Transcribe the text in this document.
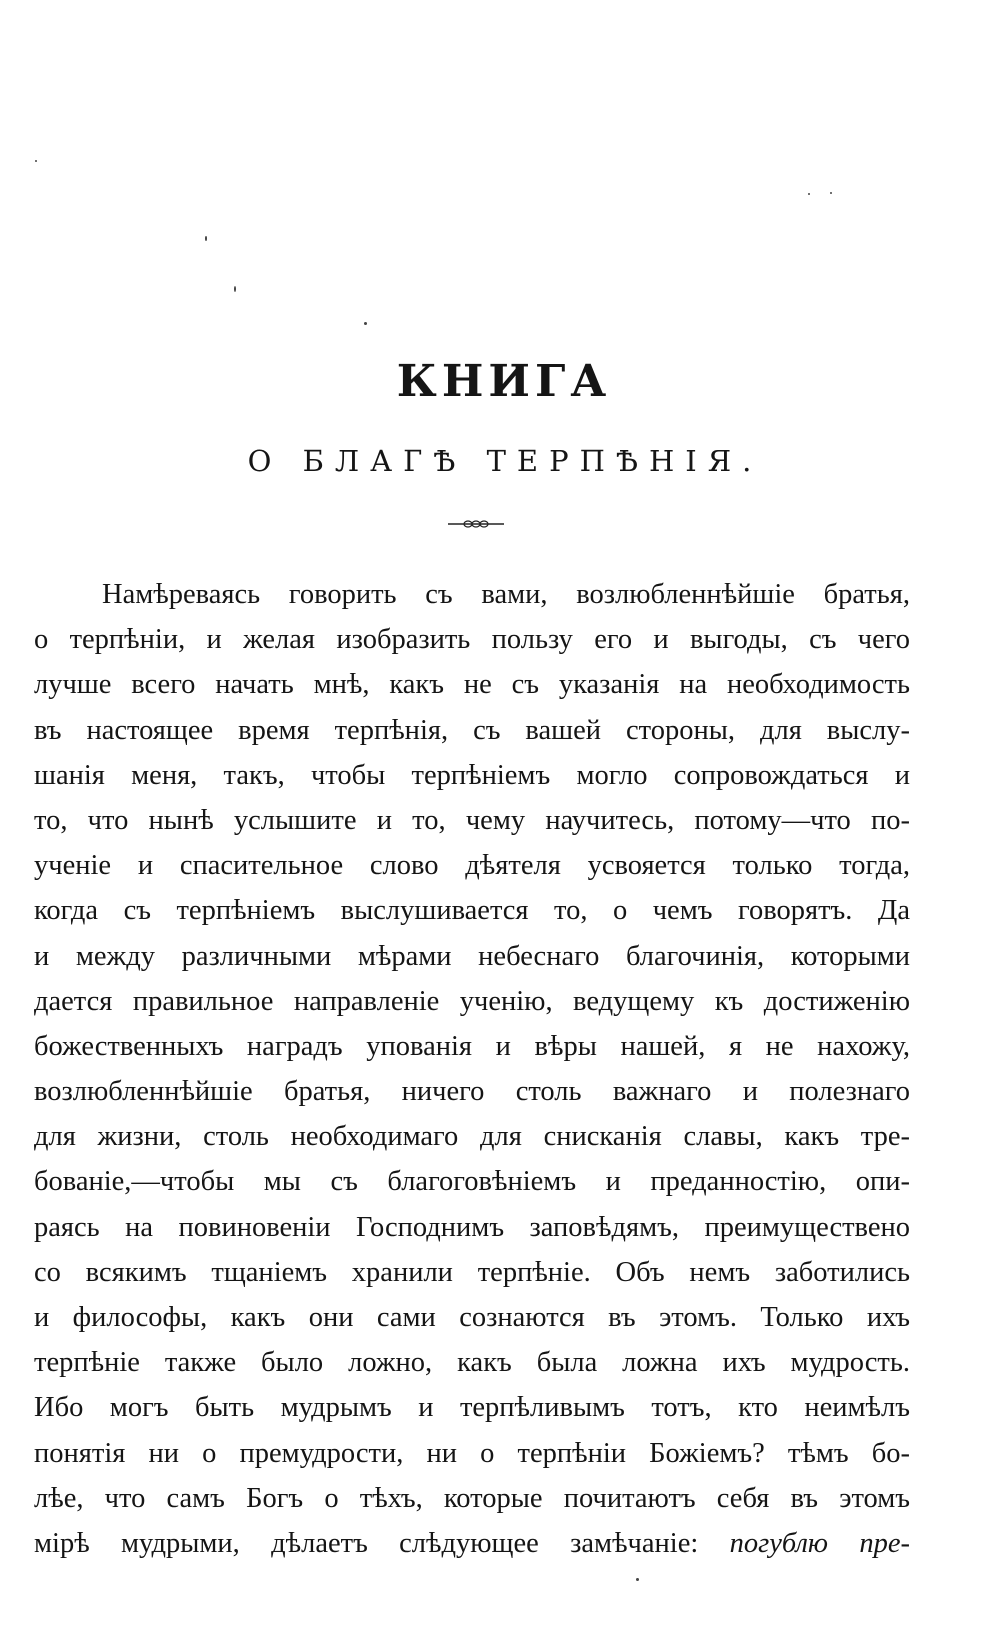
КНИГА
О БЛАГѢ ТЕРПѢНІЯ.
Намѣреваясь говорить съ вами, возлюбленнѣйшіе братья,
о терпѣніи, и желая изобразить пользу его и выгоды, съ чего
лучше всего начать мнѣ, какъ не съ указанія на необходимость
въ настоящее время терпѣнія, съ вашей стороны, для выслу-
шанія меня, такъ, чтобы терпѣніемъ могло сопровождаться и
то, что нынѣ услышите и то, чему научитесь, потому—что по-
ученіе и спасительное слово дѣятеля усвояется только тогда,
когда съ терпѣніемъ выслушивается то, о чемъ говорятъ. Да
и между различными мѣрами небеснаго благочинія, которыми
дается правильное направленіе ученію, ведущему къ достиженію
божественныхъ наградъ упованія и вѣры нашей, я не нахожу,
возлюбленнѣйшіе братья, ничего столь важнаго и полезнаго
для жизни, столь необходимаго для снисканія славы, какъ тре-
бованіе,—чтобы мы съ благоговѣніемъ и преданностію, опи-
раясь на повиновеніи Господнимъ заповѣдямъ, преимуществено
со всякимъ тщаніемъ хранили терпѣніе. Объ немъ заботились
и философы, какъ они сами сознаются въ этомъ. Только ихъ
терпѣніе также было ложно, какъ была ложна ихъ мудрость.
Ибо могъ быть мудрымъ и терпѣливымъ тотъ, кто неимѣлъ
понятія ни о премудрости, ни о терпѣніи Божіемъ? тѣмъ бо-
лѣе, что самъ Богъ о тѣхъ, которые почитаютъ себя въ этомъ
мірѣ мудрыми, дѣлаетъ слѣдующее замѣчаніе: погублю пре-
